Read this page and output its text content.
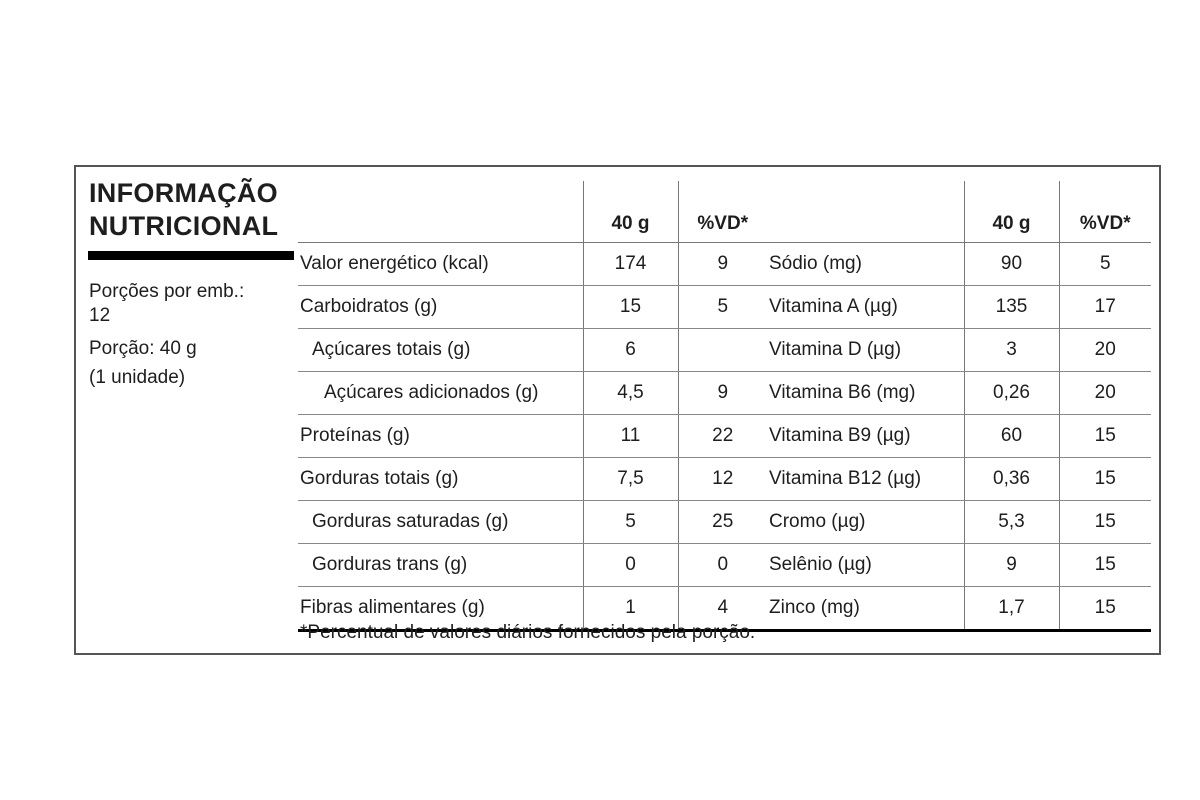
INFORMAÇÃO
NUTRICIONAL
Porções por emb.:
12
Porção: 40 g
(1 unidade)
	40 g	%VD*		40 g	%VD*
Valor energético (kcal)	174	9	Sódio (mg)	90	5
Carboidratos (g)	15	5	Vitamina A (µg)	135	17
Açúcares totais (g)	6		Vitamina D (µg)	3	20
Açúcares adicionados (g)	4,5	9	Vitamina B6 (mg)	0,26	20
Proteínas (g)	11	22	Vitamina B9 (µg)	60	15
Gorduras totais (g)	7,5	12	Vitamina B12 (µg)	0,36	15
Gorduras saturadas (g)	5	25	Cromo (µg)	5,3	15
Gorduras trans (g)	0	0	Selênio (µg)	9	15
Fibras alimentares (g)	1	4	Zinco (mg)	1,7	15

*Percentual de valores diários fornecidos pela porção.
